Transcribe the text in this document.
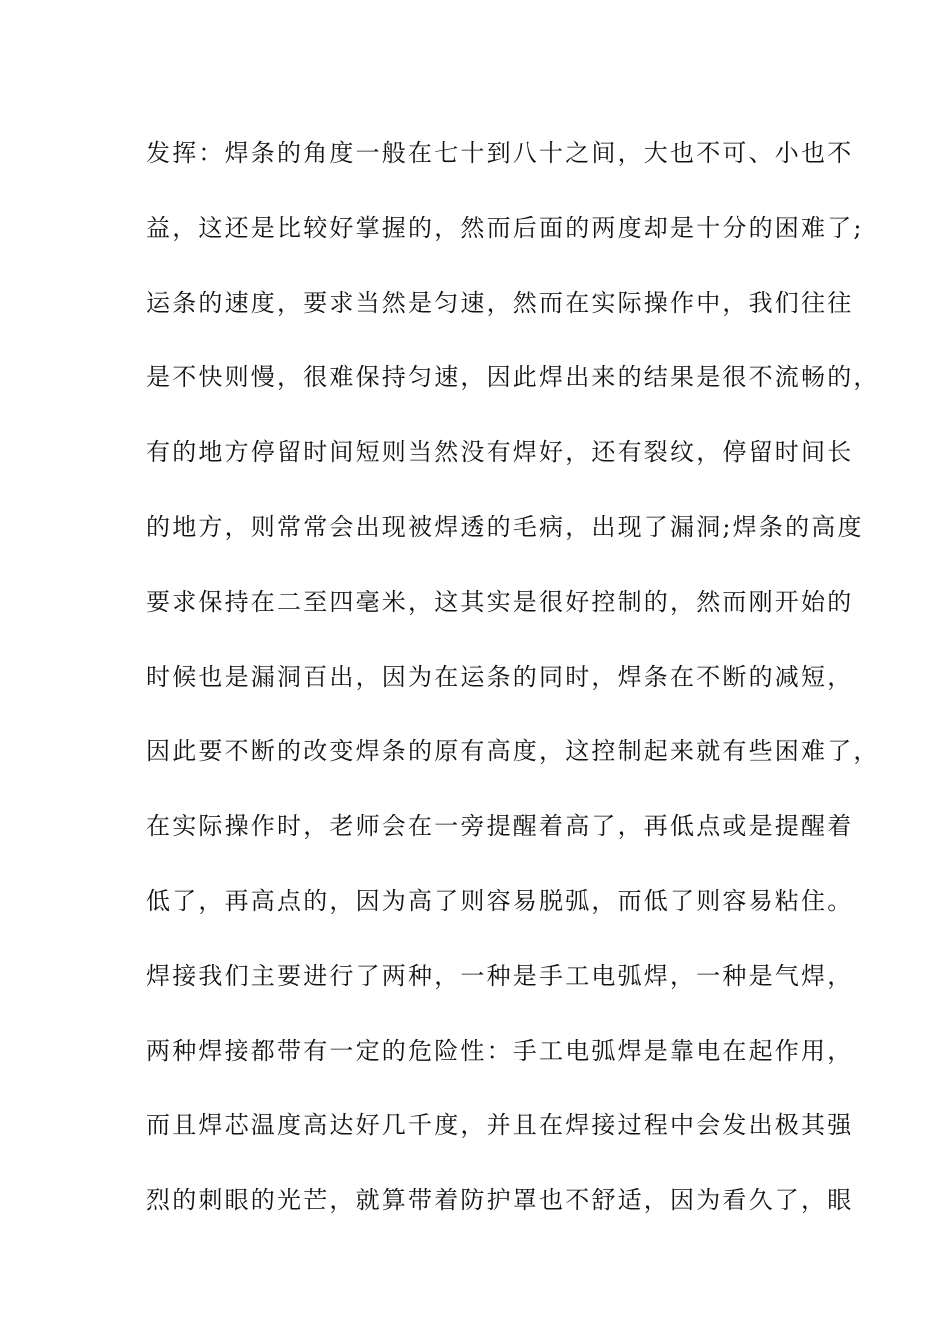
发挥：焊条的角度一般在七十到八十之间，大也不可、小也不
益，这还是比较好掌握的，然而后面的两度却是十分的困难了;
运条的速度，要求当然是匀速，然而在实际操作中，我们往往
是不快则慢，很难保持匀速，因此焊出来的结果是很不流畅的，
有的地方停留时间短则当然没有焊好，还有裂纹，停留时间长
的地方，则常常会出现被焊透的毛病，出现了漏洞;焊条的高度
要求保持在二至四毫米，这其实是很好控制的，然而刚开始的
时候也是漏洞百出，因为在运条的同时，焊条在不断的减短，
因此要不断的改变焊条的原有高度，这控制起来就有些困难了，
在实际操作时，老师会在一旁提醒着高了，再低点或是提醒着
低了，再高点的，因为高了则容易脱弧，而低了则容易粘住。
焊接我们主要进行了两种，一种是手工电弧焊，一种是气焊，
两种焊接都带有一定的危险性：手工电弧焊是靠电在起作用，
而且焊芯温度高达好几千度，并且在焊接过程中会发出极其强
烈的刺眼的光芒，就算带着防护罩也不舒适，因为看久了，眼
